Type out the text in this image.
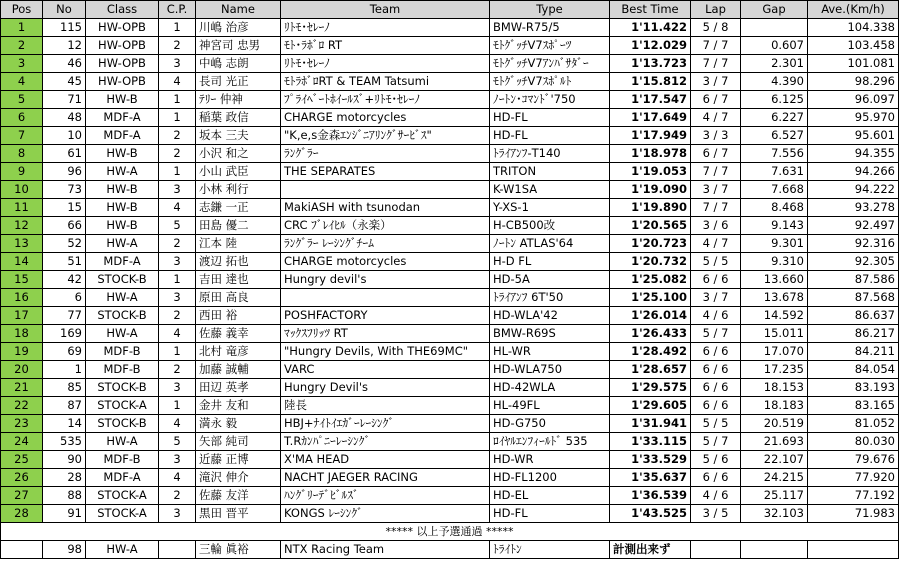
Pos	No	Class	C.P.	Name	Team	Type	Best Time	Lap	Gap	Ave.(Km/h)
1	115	HW-OPB	1	川嶋 治彦	ﾘﾄﾓ･ｾﾚｰﾉ	BMW-R75/5	1'11.422	5 / 8		104.338
2	12	HW-OPB	2	神宮司 忠男	ﾓﾄ･ﾗﾎﾞﾛ RT	ﾓﾄｸﾞｯﾁV7ｽﾎﾟｰﾂ	1'12.029	7 / 7	0.607	103.458
3	46	HW-OPB	3	中嶋 志朗	ﾘﾄﾓ･ｾﾚｰﾉ	ﾓﾄｸﾞｯﾁV7ｱﾝﾊﾞｻﾀﾞｰ	1'13.723	7 / 7	2.301	101.081
4	45	HW-OPB	4	長司 光正	ﾓﾄﾗﾎﾞﾛRT & TEAM Tatsumi	ﾓﾄｸﾞｯﾁV7ｽﾎﾟﾙﾄ	1'15.812	3 / 7	4.390	98.296
5	71	HW-B	1	ﾃﾘｰ 仲神	ﾌﾟﾗｲﾍﾞｰﾄﾎｲｰﾙｽﾞ+ﾘﾄﾓ･ｾﾚｰﾉ	ﾉｰﾄﾝ･ｺﾏﾝﾄﾞ'750	1'17.547	6 / 7	6.125	96.097
6	48	MDF-A	1	稲葉 政信	CHARGE motorcycles	HD-FL	1'17.649	4 / 7	6.227	95.970
7	10	MDF-A	2	坂本 三夫	"K,e,s金森ｴﾝｼﾞﾆｱﾘﾝｸﾞｻｰﾋﾞｽ"	HD-FL	1'17.949	3 / 3	6.527	95.601
8	61	HW-B	2	小沢 和之	ﾗﾝｸﾞﾗｰ	ﾄﾗｲｱﾝﾌ-T140	1'18.978	6 / 7	7.556	94.355
9	96	HW-A	1	小山 武臣	THE SEPARATES	TRITON	1'19.053	7 / 7	7.631	94.266
10	73	HW-B	3	小林 利行		K-W1SA	1'19.090	3 / 7	7.668	94.222
11	15	HW-B	4	志鎌 一正	MakiASH with tsunodan	Y-XS-1	1'19.890	7 / 7	8.468	93.278
12	66	HW-B	5	田島 優二	CRC ﾌﾞﾚｲﾋﾙ（永楽）	H-CB500改	1'20.565	3 / 6	9.143	92.497
13	52	HW-A	2	江本 陸	ﾗﾝｸﾞﾗｰ ﾚｰｼﾝｸﾞﾁｰﾑ	ﾉｰﾄﾝ ATLAS'64	1'20.723	4 / 7	9.301	92.316
14	51	MDF-A	3	渡辺 拓也	CHARGE motorcycles	H-D FL	1'20.732	5 / 5	9.310	92.305
15	42	STOCK-B	1	吉田 達也	Hungry devil's	HD-5A	1'25.082	6 / 6	13.660	87.586
16	6	HW-A	3	原田 高良		ﾄﾗｲｱﾝﾌ 6T'50	1'25.100	3 / 7	13.678	87.568
17	77	STOCK-B	2	西田 裕	POSHFACTORY	HD-WLA'42	1'26.014	4 / 6	14.592	86.637
18	169	HW-A	4	佐藤 義幸	ﾏｯｸｽﾌﾘｯﾂ RT	BMW-R69S	1'26.433	5 / 7	15.011	86.217
19	69	MDF-B	1	北村 竜彦	"Hungry Devils, With THE69MC"	HL-WR	1'28.492	6 / 6	17.070	84.211
20	1	MDF-B	2	加藤 誠輔	VARC	HD-WLA750	1'28.657	6 / 6	17.235	84.054
21	85	STOCK-B	3	田辺 英孝	Hungry Devil's	HD-42WLA	1'29.575	6 / 6	18.153	83.193
22	87	STOCK-A	1	金井 友和	陸長	HL-49FL	1'29.605	6 / 6	18.183	83.165
23	14	STOCK-B	4	満永 毅	HBJ+ﾅｲﾄｲｴｶﾞｰﾚｰｼﾝｸﾞ	HD-G750	1'31.941	5 / 5	20.519	81.052
24	535	HW-A	5	矢部 純司	T.Rｶﾝﾊﾟﾆｰﾚｰｼﾝｸﾞ	ﾛｲﾔﾙｴﾝﾌｨｰﾙﾄﾞ 535	1'33.115	5 / 7	21.693	80.030
25	90	MDF-B	3	近藤 正博	X'MA HEAD	HD-WR	1'33.529	5 / 6	22.107	79.676
26	28	MDF-A	4	滝沢 伸介	NACHT JAEGER RACING	HD-FL1200	1'35.637	6 / 6	24.215	77.920
27	88	STOCK-A	2	佐藤 友洋	ﾊﾝｸﾞﾘｰﾃﾞﾋﾞﾙｽﾞ	HD-EL	1'36.539	4 / 6	25.117	77.192
28	91	STOCK-A	3	黒田 晋平	KONGS ﾚｰｼﾝｸﾞ	HD-FL	1'43.525	3 / 5	32.103	71.983
***** 以上予選通過 *****										
	98	HW-A		三輪 眞裕	NTX Racing Team	ﾄﾗｲﾄﾝ	計測出来ず			
